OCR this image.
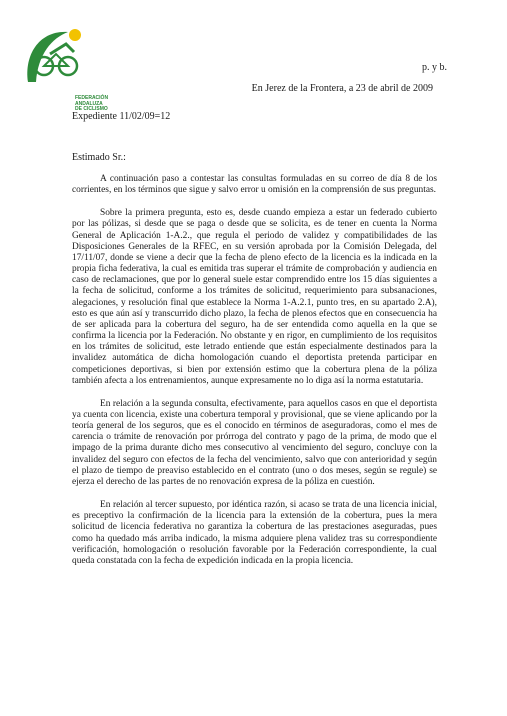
FEDERACIÓN
ANDALUZA
DE CICLISMO
p. y b.
En Jerez de la Frontera, a 23 de abril de 2009
Expediente 11/02/09=12
Estimado Sr.:

A continuación paso a contestar las consultas formuladas en su correo de día 8 de los corrientes, en los términos que sigue y salvo error u omisión en la comprensión de sus preguntas.

Sobre la primera pregunta, esto es, desde cuando empieza a estar un federado cubierto por las pólizas, si desde que se paga o desde que se solicita, es de tener en cuenta la Norma General de Aplicación 1-A.2., que regula el periodo de validez y compatibilidades de las Disposiciones Generales de la RFEC, en su versión aprobada por la Comisión Delegada, del 17/11/07, donde se viene a decir que la fecha de pleno efecto de la licencia es la indicada en la propia ficha federativa, la cual es emitida tras superar el trámite de comprobación y audiencia en caso de reclamaciones, que por lo general suele estar comprendido entre los 15 días siguientes a la fecha de solicitud, conforme a los trámites de solicitud, requerimiento para subsanaciones, alegaciones, y resolución final que establece la Norma 1-A.2.1, punto tres, en su apartado 2.A), esto es que aún así y transcurrido dicho plazo, la fecha de plenos efectos que en consecuencia ha de ser aplicada para la cobertura del seguro, ha de ser entendida como aquella en la que se confirma la licencia por la Federación. No obstante y en rigor, en cumplimiento de los requisitos en los trámites de solicitud, este letrado entiende que están especialmente destinados para la invalidez automática de dicha homologación cuando el deportista pretenda participar en competiciones deportivas, si bien por extensión estimo que la cobertura plena de la póliza también afecta a los entrenamientos, aunque expresamente no lo diga así la norma estatutaria.

En relación a la segunda consulta, efectivamente, para aquellos casos en que el deportista ya cuenta con licencia, existe una cobertura temporal y provisional, que se viene aplicando por la teoría general de los seguros, que es el conocido en términos de aseguradoras, como el mes de carencia o trámite de renovación por prórroga del contrato y pago de la prima, de modo que el impago de la prima durante dicho mes consecutivo al vencimiento del seguro, concluye con la invalidez del seguro con efectos de la fecha del vencimiento, salvo que con anterioridad y según el plazo de tiempo de preaviso establecido en el contrato (uno o dos meses, según se regule) se ejerza el derecho de las partes de no renovación expresa de la póliza en cuestión.

En relación al tercer supuesto, por idéntica razón, si acaso se trata de una licencia inicial, es preceptivo la confirmación de la licencia para la extensión de la cobertura, pues la mera solicitud de licencia federativa no garantiza la cobertura de las prestaciones aseguradas, pues como ha quedado más arriba indicado, la misma adquiere plena validez tras su correspondiente verificación, homologación o resolución favorable por la Federación correspondiente, la cual queda constatada con la fecha de expedición indicada en la propia licencia.
